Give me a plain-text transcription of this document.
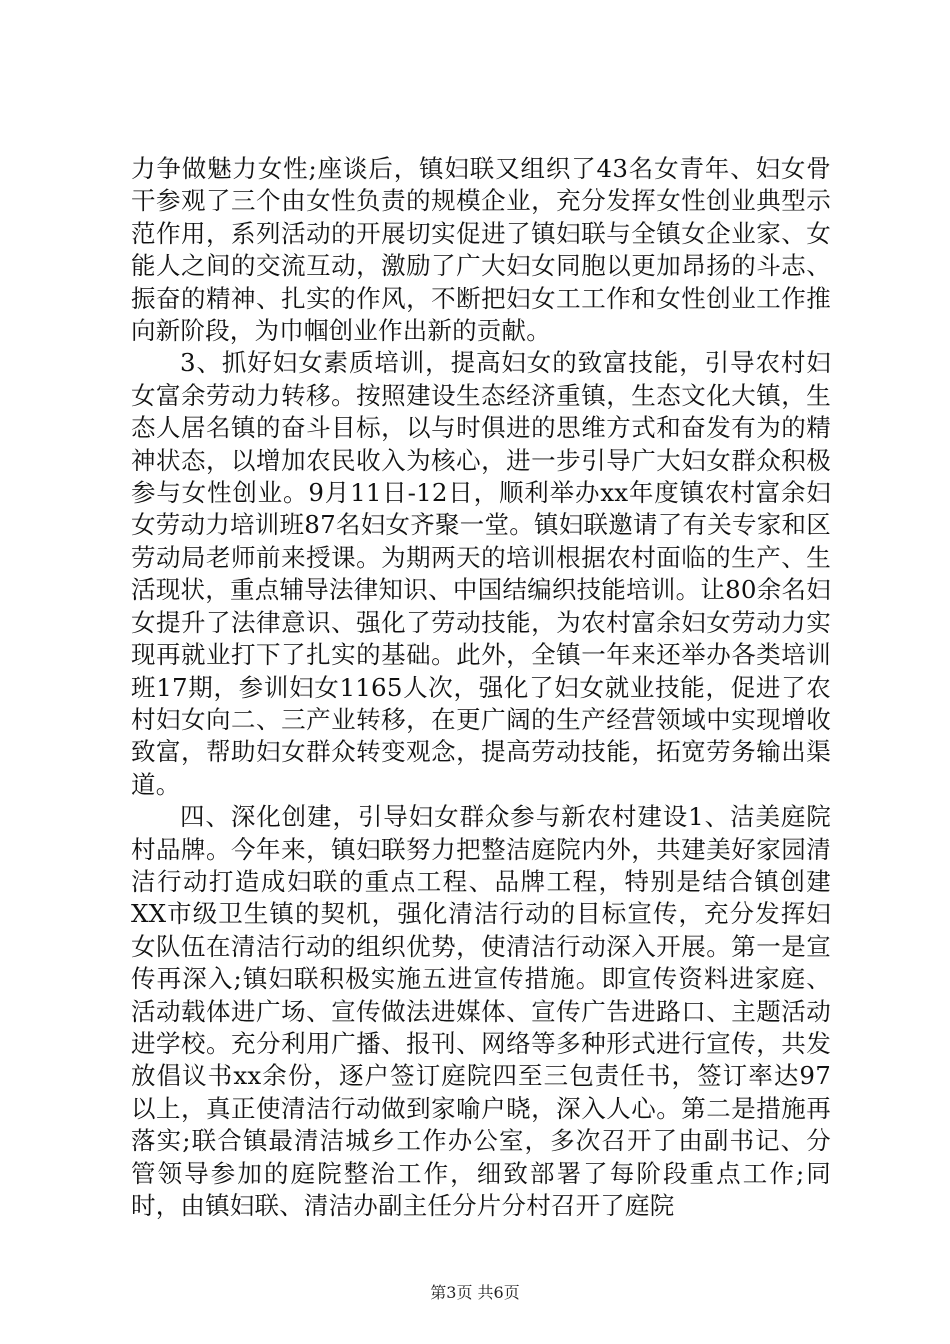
力争做魅力女性;座谈后，镇妇联又组织了43名女青年、妇女骨干参观了三个由女性负责的规模企业，充分发挥女性创业典型示范作用，系列活动的开展切实促进了镇妇联与全镇女企业家、女能人之间的交流互动，激励了广大妇女同胞以更加昂扬的斗志、振奋的精神、扎实的作风，不断把妇女工工作和女性创业工作推向新阶段，为巾帼创业作出新的贡献。

3、抓好妇女素质培训，提高妇女的致富技能，引导农村妇女富余劳动力转移。按照建设生态经济重镇，生态文化大镇，生态人居名镇的奋斗目标，以与时俱进的思维方式和奋发有为的精神状态，以增加农民收入为核心，进一步引导广大妇女群众积极参与女性创业。9月11日-12日，顺利举办xx年度镇农村富余妇女劳动力培训班87名妇女齐聚一堂。镇妇联邀请了有关专家和区劳动局老师前来授课。为期两天的培训根据农村面临的生产、生活现状，重点辅导法律知识、中国结编织技能培训。让80余名妇女提升了法律意识、强化了劳动技能，为农村富余妇女劳动力实现再就业打下了扎实的基础。此外，全镇一年来还举办各类培训班17期，参训妇女1165人次，强化了妇女就业技能，促进了农村妇女向二、三产业转移，在更广阔的生产经营领域中实现增收致富，帮助妇女群众转变观念，提高劳动技能，拓宽劳务输出渠道。

四、深化创建，引导妇女群众参与新农村建设1、洁美庭院村品牌。今年来，镇妇联努力把整洁庭院内外，共建美好家园清洁行动打造成妇联的重点工程、品牌工程，特别是结合镇创建XX市级卫生镇的契机，强化清洁行动的目标宣传，充分发挥妇女队伍在清洁行动的组织优势，使清洁行动深入开展。第一是宣传再深入;镇妇联积极实施五进宣传措施。即宣传资料进家庭、活动载体进广场、宣传做法进媒体、宣传广告进路口、主题活动进学校。充分利用广播、报刊、网络等多种形式进行宣传，共发放倡议书xx余份，逐户签订庭院四至三包责任书，签订率达97以上，真正使清洁行动做到家喻户晓，深入人心。第二是措施再落实;联合镇最清洁城乡工作办公室，多次召开了由副书记、分管领导参加的庭院整治工作，细致部署了每阶段重点工作;同时，由镇妇联、清洁办副主任分片分村召开了庭院

第3页 共6页
